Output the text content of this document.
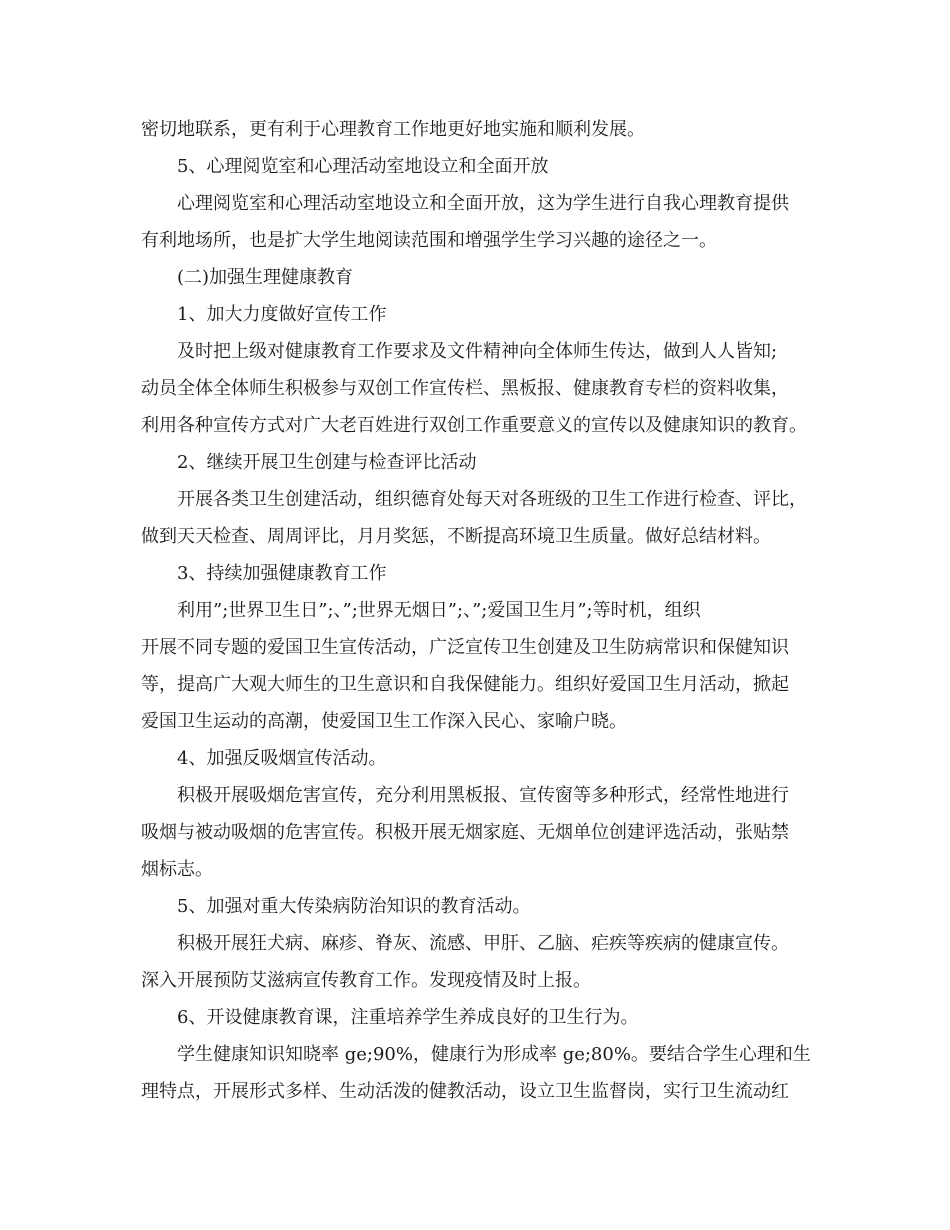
密切地联系，更有利于心理教育工作地更好地实施和顺利发展。
5、心理阅览室和心理活动室地设立和全面开放
心理阅览室和心理活动室地设立和全面开放，这为学生进行自我心理教育提供
有利地场所，也是扩大学生地阅读范围和增强学生学习兴趣的途径之一。
(二)加强生理健康教育
1、加大力度做好宣传工作
及时把上级对健康教育工作要求及文件精神向全体师生传达，做到人人皆知;
动员全体全体师生积极参与双创工作宣传栏、黑板报、健康教育专栏的资料收集，
利用各种宣传方式对广大老百姓进行双创工作重要意义的宣传以及健康知识的教育。
2、继续开展卫生创建与检查评比活动
开展各类卫生创建活动，组织德育处每天对各班级的卫生工作进行检查、评比，
做到天天检查、周周评比，月月奖惩，不断提高环境卫生质量。做好总结材料。
3、持续加强健康教育工作
利用”;世界卫生日”;、”;世界无烟日”;、”;爱国卫生月”;等时机，组织
开展不同专题的爱国卫生宣传活动，广泛宣传卫生创建及卫生防病常识和保健知识
等，提高广大观大师生的卫生意识和自我保健能力。组织好爱国卫生月活动，掀起
爱国卫生运动的高潮，使爱国卫生工作深入民心、家喻户晓。
4、加强反吸烟宣传活动。
积极开展吸烟危害宣传，充分利用黑板报、宣传窗等多种形式，经常性地进行
吸烟与被动吸烟的危害宣传。积极开展无烟家庭、无烟单位创建评选活动，张贴禁
烟标志。
5、加强对重大传染病防治知识的教育活动。
积极开展狂犬病、麻疹、脊灰、流感、甲肝、乙脑、疟疾等疾病的健康宣传。
深入开展预防艾滋病宣传教育工作。发现疫情及时上报。
6、开设健康教育课，注重培养学生养成良好的卫生行为。
学生健康知识知晓率 ge;90%，健康行为形成率 ge;80%。要结合学生心理和生
理特点，开展形式多样、生动活泼的健教活动，设立卫生监督岗，实行卫生流动红
